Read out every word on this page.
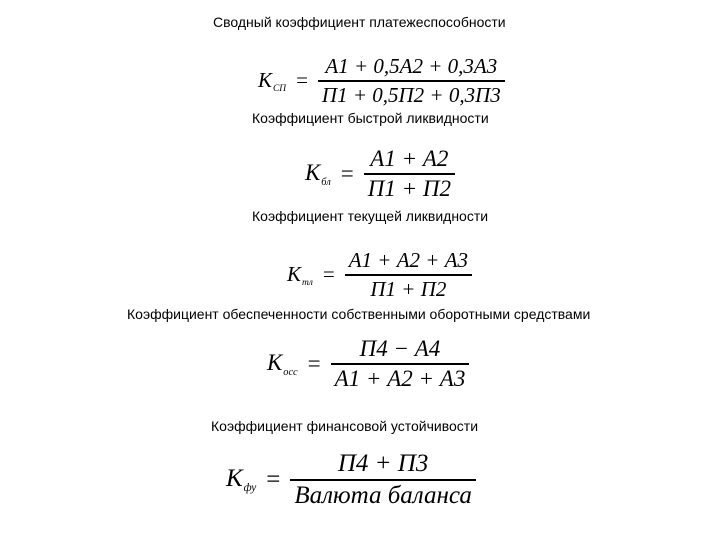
Сводный коэффициент платежеспособности
$К_{СП} = \frac{А1 + 0,5А2 + 0,3А3}{П1 + 0,5П2 + 0,3П3}$
Коэффициент быстрой ликвидности
$К_{бл} = \frac{А1 + А2}{П1 + П2}$
Коэффициент текущей ликвидности
$К_{тл} = \frac{А1 + А2 + А3}{П1 + П2}$
Коэффициент обеспеченности собственными оборотными средствами
$К_{осс} = \frac{П4 - А4}{А1 + А2 + А3}$
Коэффициент финансовой устойчивости
$К_{фу} = \frac{П4 + П3}{\text{Валюта баланса}}$
